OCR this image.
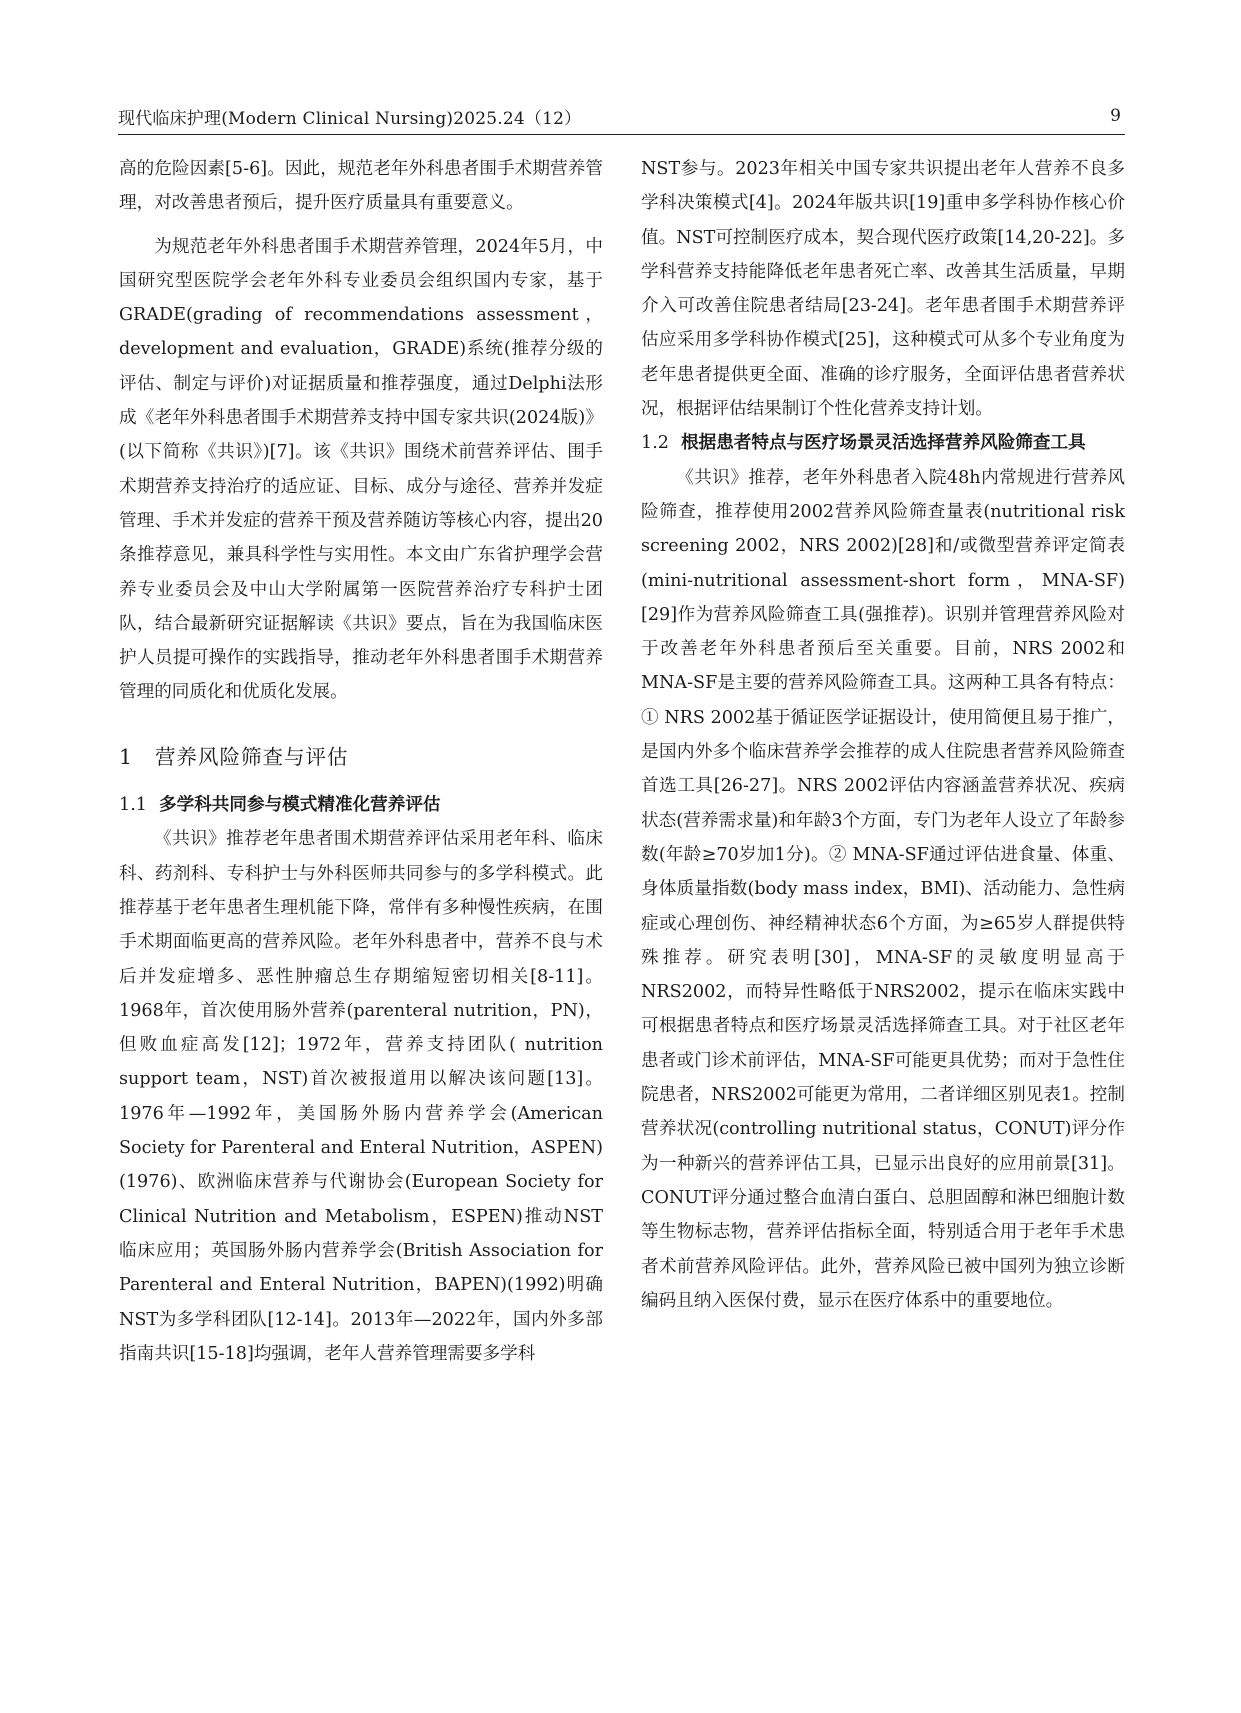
现代临床护理(Modern Clinical Nursing)2025.24（12）	9

高的危险因素[5-6]。因此，规范老年外科患者围手术期营养管理，对改善患者预后，提升医疗质量具有重要意义。

为规范老年外科患者围手术期营养管理，2024年5月，中国研究型医院学会老年外科专业委员会组织国内专家，基于GRADE(grading of recommendations assessment，development and evaluation，GRADE)系统(推荐分级的评估、制定与评价)对证据质量和推荐强度，通过Delphi法形成《老年外科患者围手术期营养支持中国专家共识(2024版)》(以下简称《共识》)[7]。该《共识》围绕术前营养评估、围手术期营养支持治疗的适应证、目标、成分与途径、营养并发症管理、手术并发症的营养干预及营养随访等核心内容，提出20条推荐意见，兼具科学性与实用性。本文由广东省护理学会营养专业委员会及中山大学附属第一医院营养治疗专科护士团队，结合最新研究证据解读《共识》要点，旨在为我国临床医护人员提可操作的实践指导，推动老年外科患者围手术期营养管理的同质化和优质化发展。

1 营养风险筛查与评估
1.1 多学科共同参与模式精准化营养评估

《共识》推荐老年患者围术期营养评估采用老年科、临床科、药剂科、专科护士与外科医师共同参与的多学科模式。此推荐基于老年患者生理机能下降，常伴有多种慢性疾病，在围手术期面临更高的营养风险。老年外科患者中，营养不良与术后并发症增多、恶性肿瘤总生存期缩短密切相关[8-11]。1968年，首次使用肠外营养(parenteral nutrition，PN)，但败血症高发[12]；1972年，营养支持团队( nutrition support team，NST)首次被报道用以解决该问题[13]。1976年—1992年，美国肠外肠内营养学会(American Society for Parenteral and Enteral Nutrition，ASPEN)(1976)、欧洲临床营养与代谢协会(European Society for Clinical Nutrition and Metabolism，ESPEN)推动NST临床应用；英国肠外肠内营养学会(British Association for Parenteral and Enteral Nutrition，BAPEN)(1992)明确NST为多学科团队[12-14]。2013年—2022年，国内外多部指南共识[15-18]均强调，老年人营养管理需要多学科

NST参与。2023年相关中国专家共识提出老年人营养不良多学科决策模式[4]。2024年版共识[19]重申多学科协作核心价值。NST可控制医疗成本，契合现代医疗政策[14,20-22]。多学科营养支持能降低老年患者死亡率、改善其生活质量，早期介入可改善住院患者结局[23-24]。老年患者围手术期营养评估应采用多学科协作模式[25]，这种模式可从多个专业角度为老年患者提供更全面、准确的诊疗服务，全面评估患者营养状况，根据评估结果制订个性化营养支持计划。

1.2 根据患者特点与医疗场景灵活选择营养风险筛查工具

《共识》推荐，老年外科患者入院48h内常规进行营养风险筛查，推荐使用2002营养风险筛查量表(nutritional risk screening 2002，NRS 2002)[28]和/或微型营养评定简表(mini-nutritional assessment-short form，MNA-SF)[29]作为营养风险筛查工具(强推荐)。识别并管理营养风险对于改善老年外科患者预后至关重要。目前，NRS 2002和MNA-SF是主要的营养风险筛查工具。这两种工具各有特点：① NRS 2002基于循证医学证据设计，使用简便且易于推广，是国内外多个临床营养学会推荐的成人住院患者营养风险筛查首选工具[26-27]。NRS 2002评估内容涵盖营养状况、疾病状态(营养需求量)和年龄3个方面，专门为老年人设立了年龄参数(年龄≥70岁加1分)。② MNA-SF通过评估进食量、体重、身体质量指数(body mass index，BMI)、活动能力、急性病症或心理创伤、神经精神状态6个方面，为≥65岁人群提供特殊推荐。研究表明[30]，MNA-SF的灵敏度明显高于NRS2002，而特异性略低于NRS2002，提示在临床实践中可根据患者特点和医疗场景灵活选择筛查工具。对于社区老年患者或门诊术前评估，MNA-SF可能更具优势；而对于急性住院患者，NRS2002可能更为常用，二者详细区别见表1。控制营养状况(controlling nutritional status，CONUT)评分作为一种新兴的营养评估工具，已显示出良好的应用前景[31]。CONUT评分通过整合血清白蛋白、总胆固醇和淋巴细胞计数等生物标志物，营养评估指标全面，特别适合用于老年手术患者术前营养风险评估。此外，营养风险已被中国列为独立诊断编码且纳入医保付费，显示在医疗体系中的重要地位。
